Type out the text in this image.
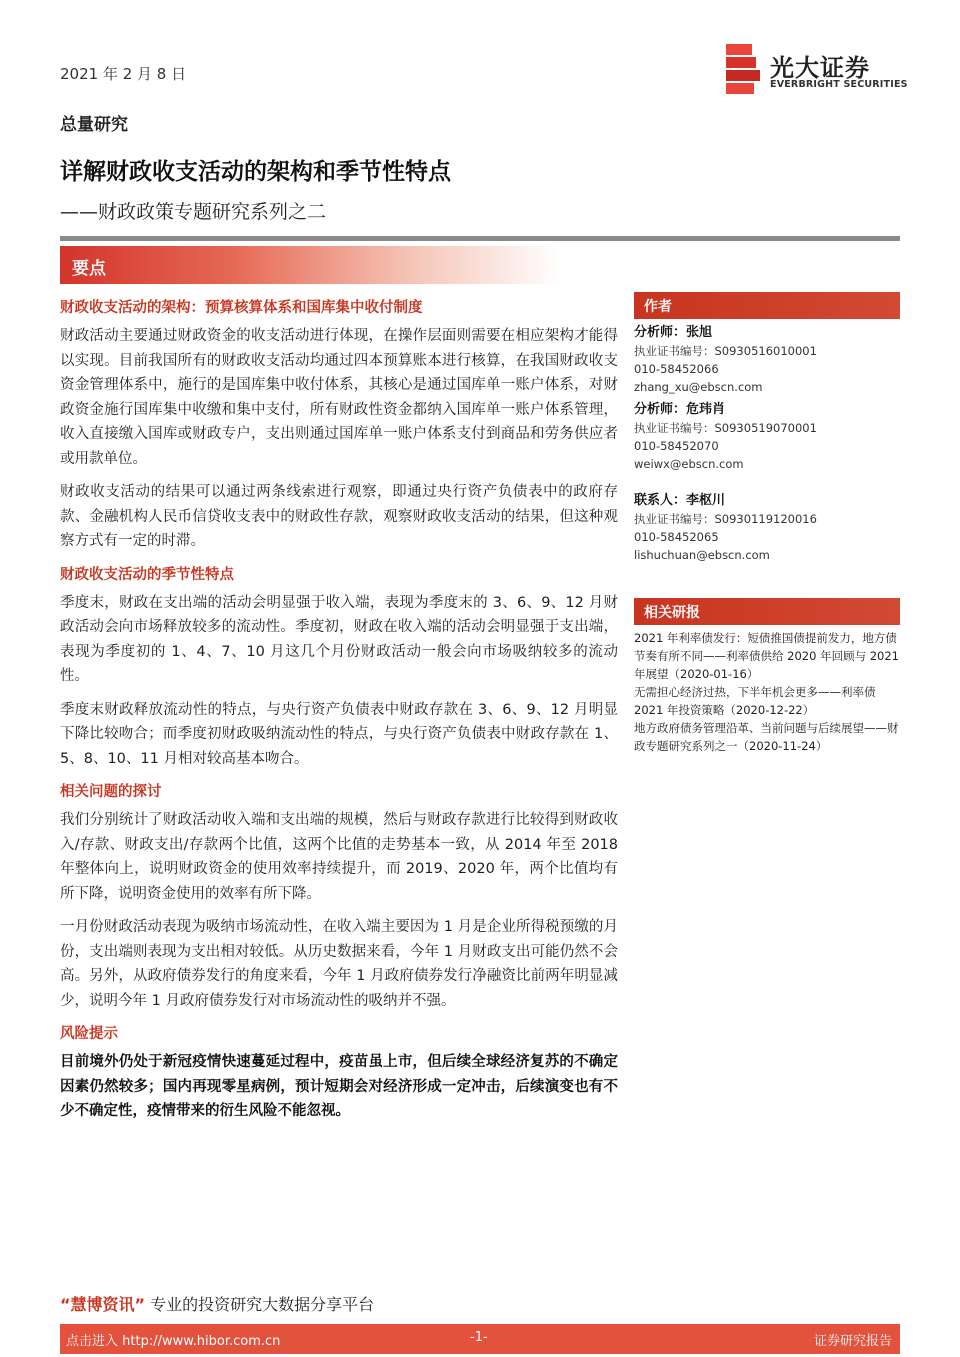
2021 年 2 月 8 日	光大证券
EVERBRIGHT SECURITIES
总量研究
详解财政收支活动的架构和季节性特点
——财政政策专题研究系列之二
要点
财政收支活动的架构：预算核算体系和国库集中收付制度
财政活动主要通过财政资金的收支活动进行体现，在操作层面则需要在相应架构才能得以实现。目前我国所有的财政收支活动均通过四本预算账本进行核算，在我国财政收支资金管理体系中，施行的是国库集中收付体系，其核心是通过国库单一账户体系，对财政资金施行国库集中收缴和集中支付，所有财政性资金都纳入国库单一账户体系管理，收入直接缴入国库或财政专户，支出则通过国库单一账户体系支付到商品和劳务供应者或用款单位。
财政收支活动的结果可以通过两条线索进行观察，即通过央行资产负债表中的政府存款、金融机构人民币信贷收支表中的财政性存款，观察财政收支活动的结果，但这种观察方式有一定的时滞。
财政收支活动的季节性特点
季度末，财政在支出端的活动会明显强于收入端，表现为季度末的 3、6、9、12 月财政活动会向市场释放较多的流动性。季度初，财政在收入端的活动会明显强于支出端，表现为季度初的 1、4、7、10 月这几个月份财政活动一般会向市场吸纳较多的流动性。
季度末财政释放流动性的特点，与央行资产负债表中财政存款在 3、6、9、12 月明显下降比较吻合；而季度初财政吸纳流动性的特点，与央行资产负债表中财政存款在 1、5、8、10、11 月相对较高基本吻合。
相关问题的探讨
我们分别统计了财政活动收入端和支出端的规模，然后与财政存款进行比较得到财政收入/存款、财政支出/存款两个比值，这两个比值的走势基本一致，从 2014 年至 2018 年整体向上，说明财政资金的使用效率持续提升，而 2019、2020 年，两个比值均有所下降，说明资金使用的效率有所下降。
一月份财政活动表现为吸纳市场流动性，在收入端主要因为 1 月是企业所得税预缴的月份，支出端则表现为支出相对较低。从历史数据来看，今年 1 月财政支出可能仍然不会高。另外，从政府债券发行的角度来看，今年 1 月政府债券发行净融资比前两年明显减少，说明今年 1 月政府债券发行对市场流动性的吸纳并不强。
风险提示
目前境外仍处于新冠疫情快速蔓延过程中，疫苗虽上市，但后续全球经济复苏的不确定因素仍然较多；国内再现零星病例，预计短期会对经济形成一定冲击，后续演变也有不少不确定性，疫情带来的衍生风险不能忽视。
作者
分析师：张旭
执业证书编号：S0930516010001
010-58452066
zhang_xu@ebscn.com
分析师：危玮肖
执业证书编号：S0930519070001
010-58452070
weiwx@ebscn.com
联系人：李枢川
执业证书编号：S0930119120016
010-58452065
lishuchuan@ebscn.com
相关研报
2021 年利率债发行：短债推国债提前发力，地方债节奏有所不同——利率债供给 2020 年回顾与 2021 年展望（2020-01-16）
无需担心经济过热，下半年机会更多——利率债 2021 年投资策略（2020-12-22）
地方政府债务管理沿革、当前问题与后续展望——财政专题研究系列之一（2020-11-24）
“慧博资讯” 专业的投资研究大数据分享平台
点击进入 http://www.hibor.com.cn	-1-	证券研究报告
